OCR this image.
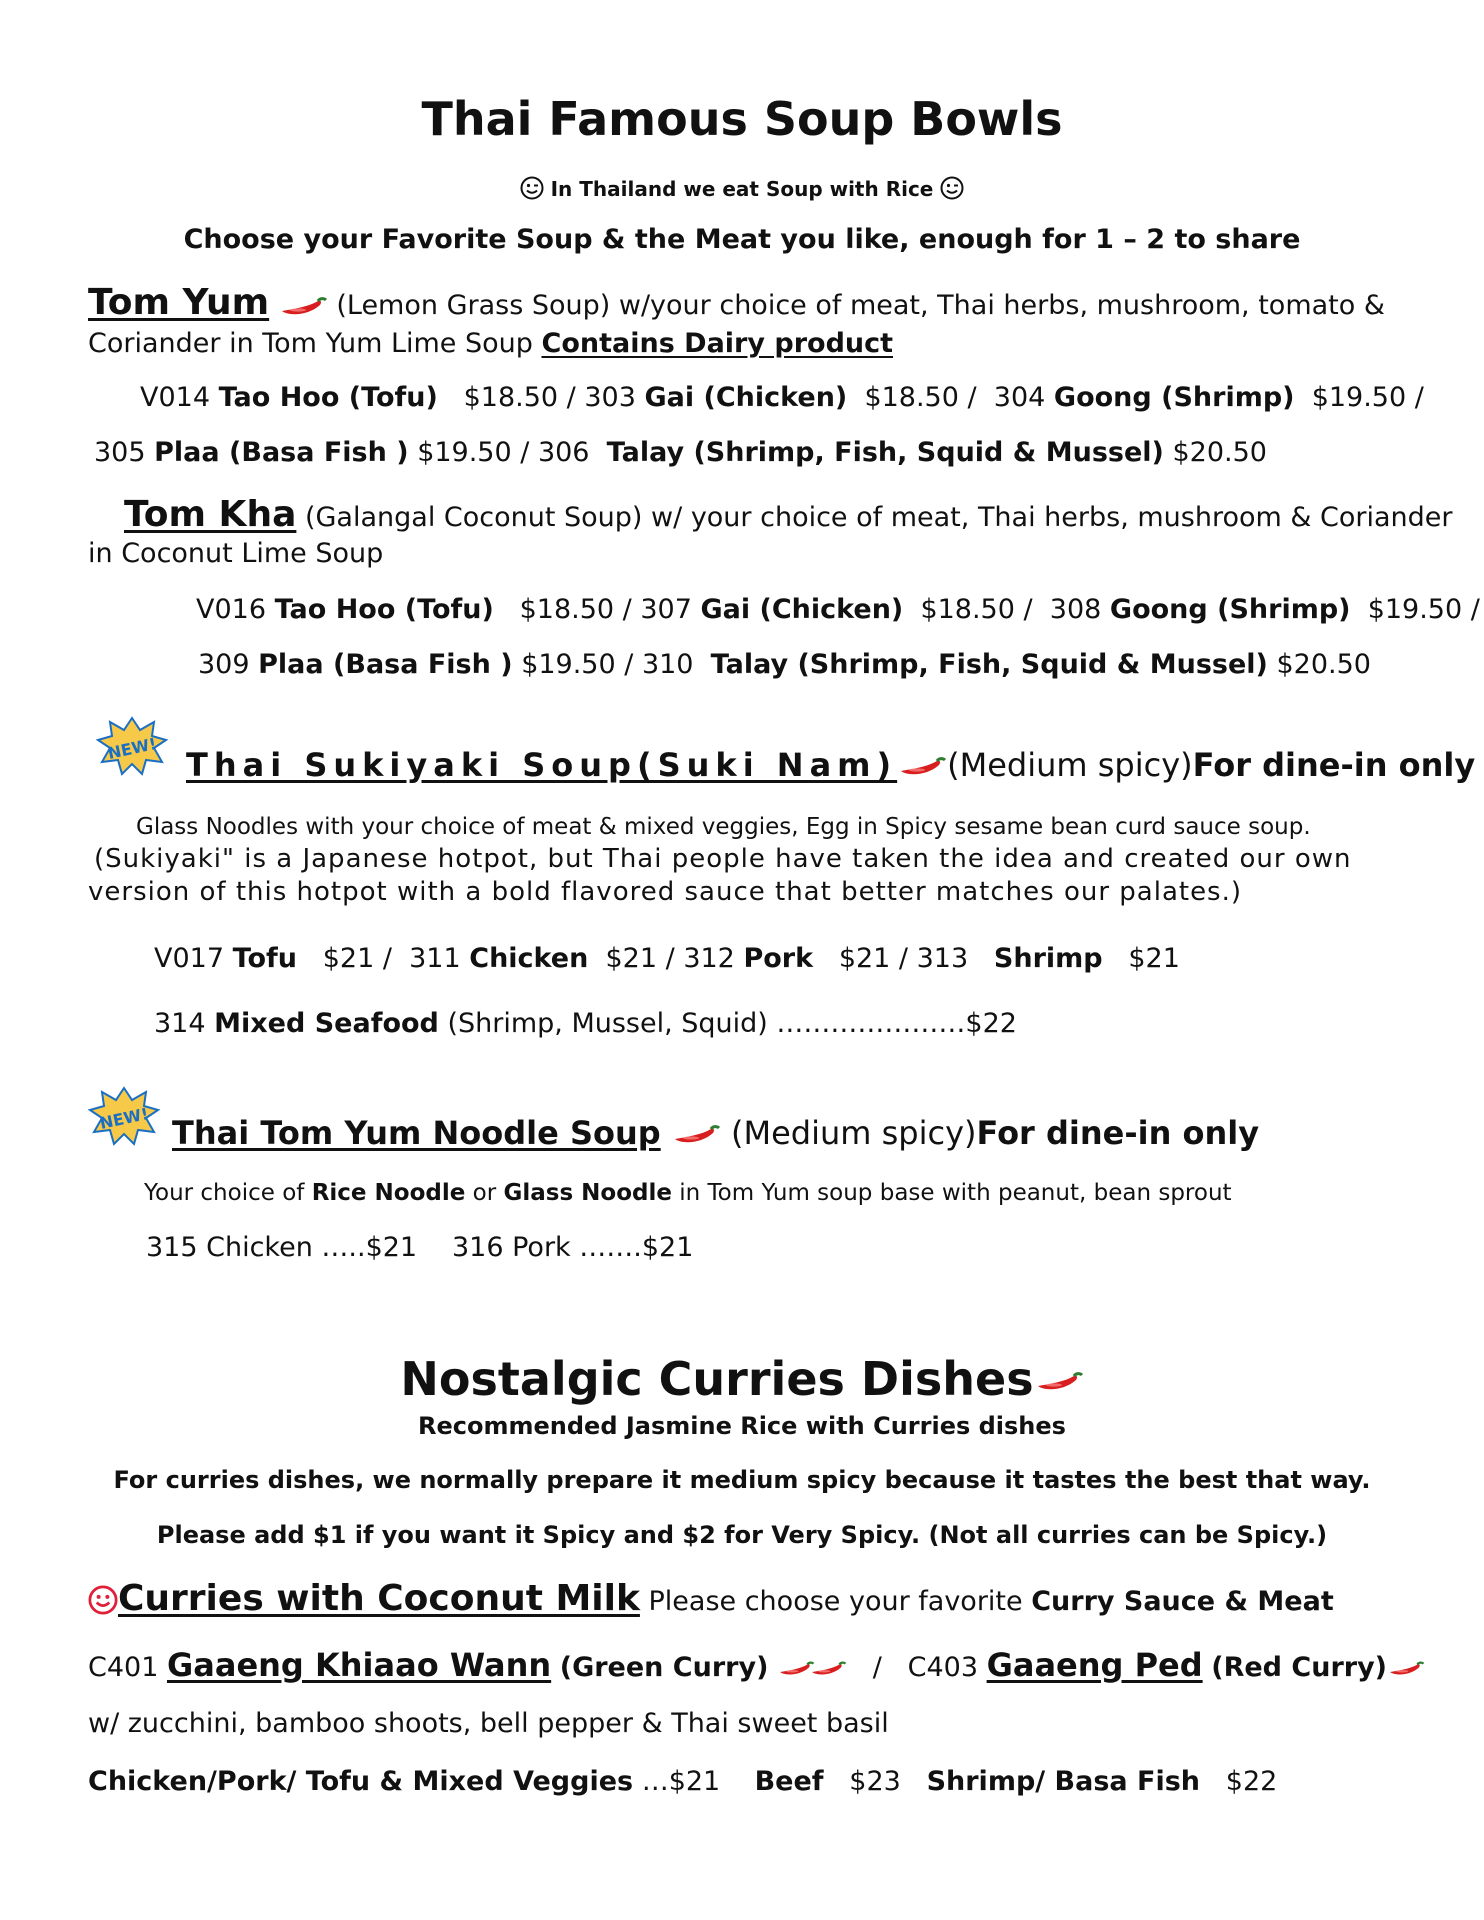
Thai Famous Soup Bowls
In Thailand we eat Soup with Rice
Choose your Favorite Soup & the Meat you like, enough for 1 – 2 to share
Tom Yum (Lemon Grass Soup) w/your choice of meat, Thai herbs, mushroom, tomato &
Coriander in Tom Yum Lime Soup Contains Dairy product
V014 Tao Hoo (Tofu) $18.50 / 303 Gai (Chicken) $18.50 / 304 Goong (Shrimp) $19.50 /
305 Plaa (Basa Fish ) $19.50 / 306 Talay (Shrimp, Fish, Squid & Mussel) $20.50
Tom Kha (Galangal Coconut Soup) w/ your choice of meat, Thai herbs, mushroom & Coriander
in Coconut Lime Soup
V016 Tao Hoo (Tofu) $18.50 / 307 Gai (Chicken) $18.50 / 308 Goong (Shrimp) $19.50 /
309 Plaa (Basa Fish ) $19.50 / 310 Talay (Shrimp, Fish, Squid & Mussel) $20.50
Thai Sukiyaki Soup(Suki Nam) (Medium spicy)For dine-in only
Glass Noodles with your choice of meat & mixed veggies, Egg in Spicy sesame bean curd sauce soup.
(Sukiyaki" is a Japanese hotpot, but Thai people have taken the idea and created our own
version of this hotpot with a bold flavored sauce that better matches our palates.)
V017 Tofu $21 / 311 Chicken $21 / 312 Pork $21 / 313 Shrimp $21
314 Mixed Seafood (Shrimp, Mussel, Squid) …………………$22
Thai Tom Yum Noodle Soup (Medium spicy)For dine-in only
Your choice of Rice Noodle or Glass Noodle in Tom Yum soup base with peanut, bean sprout
315 Chicken …..$21 316 Pork …….$21
Nostalgic Curries Dishes
Recommended Jasmine Rice with Curries dishes
For curries dishes, we normally prepare it medium spicy because it tastes the best that way.
Please add $1 if you want it Spicy and $2 for Very Spicy. (Not all curries can be Spicy.)
Curries with Coconut Milk Please choose your favorite Curry Sauce & Meat
C401 Gaaeng Khiaao Wann (Green Curry)	/ C403 Gaaeng Ped (Red Curry)
w/ zucchini, bamboo shoots, bell pepper & Thai sweet basil
Chicken/Pork/ Tofu & Mixed Veggies …$21 Beef $23 Shrimp/ Basa Fish $22
